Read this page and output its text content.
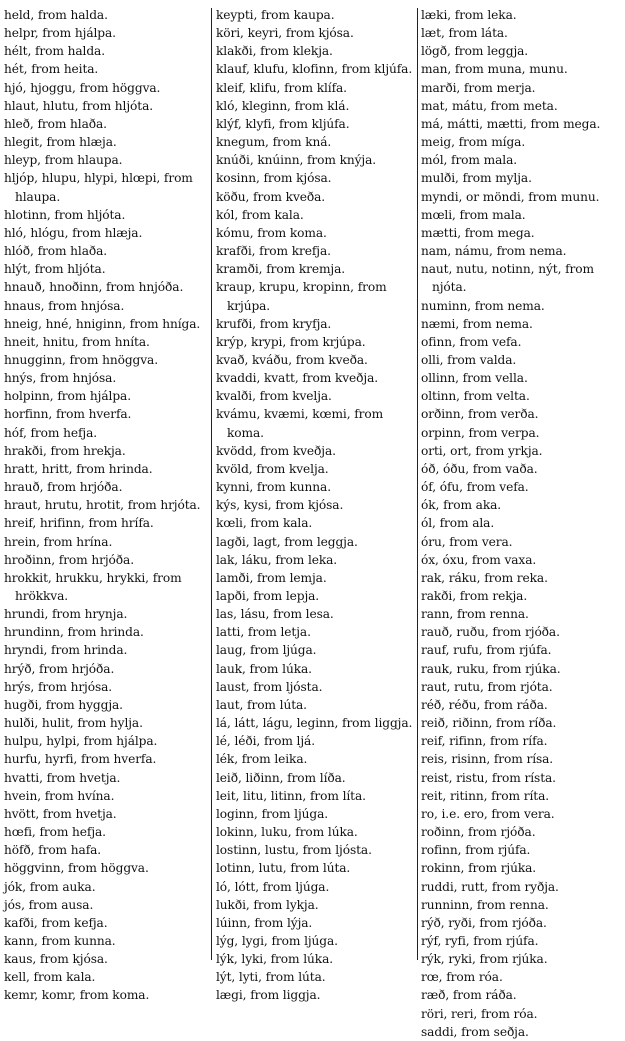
held, from halda.
helpr, from hjálpa.
hélt, from halda.
hét, from heita.
hjó, hjoggu, from höggva.
hlaut, hlutu, from hljóta.
hleð, from hlaða.
hlegit, from hlæja.
hleyp, from hlaupa.
hljóp, hlupu, hlypi, hlœpi, from hlaupa.
hlotinn, from hljóta.
hló, hlógu, from hlæja.
hlóð, from hlaða.
hlýt, from hljóta.
hnauð, hnoðinn, from hnjóða.
hnaus, from hnjósa.
hneig, hné, hniginn, from hníga.
hneit, hnitu, from hníta.
hnugginn, from hnöggva.
hnýs, from hnjósa.
holpinn, from hjálpa.
horfinn, from hverfa.
hóf, from hefja.
hrakði, from hrekja.
hratt, hritt, from hrinda.
hrauð, from hrjóða.
hraut, hrutu, hrotit, from hrjóta.
hreif, hrifinn, from hrífa.
hrein, from hrína.
hroðinn, from hrjóða.
hrokkit, hrukku, hrykki, from hrökkva.
hrundi, from hrynja.
hrundinn, from hrinda.
hryndi, from hrinda.
hrýð, from hrjóða.
hrýs, from hrjósa.
hugði, from hyggja.
hulði, hulit, from hylja.
hulpu, hylpi, from hjálpa.
hurfu, hyrfi, from hverfa.
hvatti, from hvetja.
hvein, from hvína.
hvött, from hvetja.
hœfi, from hefja.
höfð, from hafa.
höggvinn, from höggva.
jók, from auka.
jós, from ausa.
kafði, from kefja.
kann, from kunna.
kaus, from kjósa.
kell, from kala.
kemr, komr, from koma.
keypti, from kaupa.
köri, keyri, from kjósa.
klakði, from klekja.
klauf, klufu, klofinn, from kljúfa.
kleif, klifu, from klífa.
kló, kleginn, from klá.
klýf, klyfi, from kljúfa.
knegum, from kná.
knúði, knúinn, from knýja.
kosinn, from kjósa.
köðu, from kveða.
kól, from kala.
kómu, from koma.
krafði, from krefja.
kramði, from kremja.
kraup, krupu, kropinn, from krjúpa.
krufði, from kryfja.
krýp, krypi, from krjúpa.
kvað, kváðu, from kveða.
kvaddi, kvatt, from kveðja.
kvalði, from kvelja.
kvámu, kvæmi, kœmi, from koma.
kvödd, from kveðja.
kvöld, from kvelja.
kynni, from kunna.
kýs, kysi, from kjósa.
kœli, from kala.
lagði, lagt, from leggja.
lak, láku, from leka.
lamði, from lemja.
lapði, from lepja.
las, lásu, from lesa.
latti, from letja.
laug, from ljúga.
lauk, from lúka.
laust, from ljósta.
laut, from lúta.
lá, látt, lágu, leginn, from liggja.
lé, léði, from ljá.
lék, from leika.
leið, liðinn, from líða.
leit, litu, litinn, from líta.
loginn, from ljúga.
lokinn, luku, from lúka.
lostinn, lustu, from ljósta.
lotinn, lutu, from lúta.
ló, lótt, from ljúga.
lukði, from lykja.
lúinn, from lýja.
lýg, lygi, from ljúga.
lýk, lyki, from lúka.
lýt, lyti, from lúta.
lægi, from liggja.
læki, from leka.
læt, from láta.
lögð, from leggja.
man, from muna, munu.
marði, from merja.
mat, mátu, from meta.
má, mátti, mætti, from mega.
meig, from míga.
mól, from mala.
mulði, from mylja.
myndi, or möndi, from munu.
mœli, from mala.
mætti, from mega.
nam, námu, from nema.
naut, nutu, notinn, nýt, from njóta.
numinn, from nema.
næmi, from nema.
ofinn, from vefa.
olli, from valda.
ollinn, from vella.
oltinn, from velta.
orðinn, from verða.
orpinn, from verpa.
orti, ort, from yrkja.
óð, óðu, from vaða.
óf, ófu, from vefa.
ók, from aka.
ól, from ala.
óru, from vera.
óx, óxu, from vaxa.
rak, ráku, from reka.
rakði, from rekja.
rann, from renna.
rauð, ruðu, from rjóða.
rauf, rufu, from rjúfa.
rauk, ruku, from rjúka.
raut, rutu, from rjóta.
réð, réðu, from ráða.
reið, riðinn, from ríða.
reif, rifinn, from rífa.
reis, risinn, from rísa.
reist, ristu, from rísta.
reit, ritinn, from ríta.
ro, i.e. ero, from vera.
roðinn, from rjóða.
rofinn, from rjúfa.
rokinn, from rjúka.
ruddi, rutt, from ryðja.
runninn, from renna.
rýð, ryði, from rjóða.
rýf, ryfi, from rjúfa.
rýk, ryki, from rjúka.
rœ, from róa.
ræð, from ráða.
röri, reri, from róa.
saddi, from seðja.
